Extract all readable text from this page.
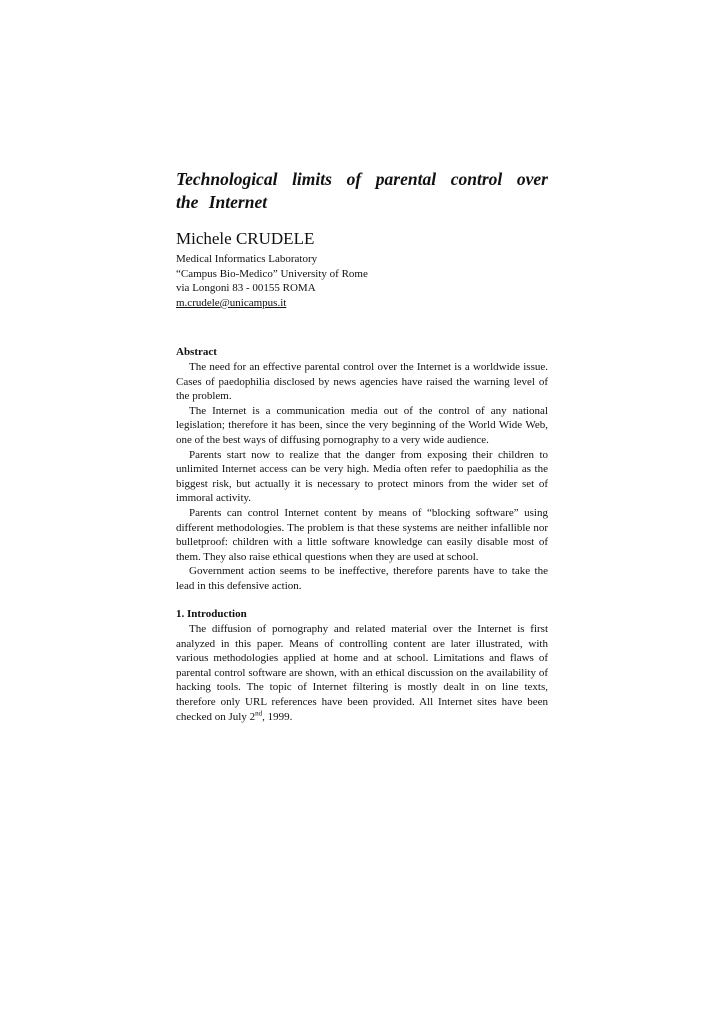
Technological limits of parental control over the Internet
Michele CRUDELE

Medical Informatics Laboratory

“Campus Bio-Medico” University of Rome

via Longoni 83 - 00155 ROMA

m.crudele@unicampus.it

Abstract

The need for an effective parental control over the Internet is a worldwide issue. Cases of paedophilia disclosed by news agencies have raised the warning level of the problem.

The Internet is a communication media out of the control of any national legislation; therefore it has been, since the very beginning of the World Wide Web, one of the best ways of diffusing pornography to a very wide audience.

Parents start now to realize that the danger from exposing their children to unlimited Internet access can be very high. Media often refer to paedophilia as the biggest risk, but actually it is necessary to protect minors from the wider set of immoral activity.

Parents can control Internet content by means of “blocking software” using different methodologies. The problem is that these systems are neither infallible nor bulletproof: children with a little software knowledge can easily disable most of them. They also raise ethical questions when they are used at school.

Government action seems to be ineffective, therefore parents have to take the lead in this defensive action.

1. Introduction

The diffusion of pornography and related material over the Internet is first analyzed in this paper. Means of controlling content are later illustrated, with various methodologies applied at home and at school. Limitations and flaws of parental control software are shown, with an ethical discussion on the availability of hacking tools. The topic of Internet filtering is mostly dealt in on line texts, therefore only URL references have been provided. All Internet sites have been checked on July 2nd, 1999.
